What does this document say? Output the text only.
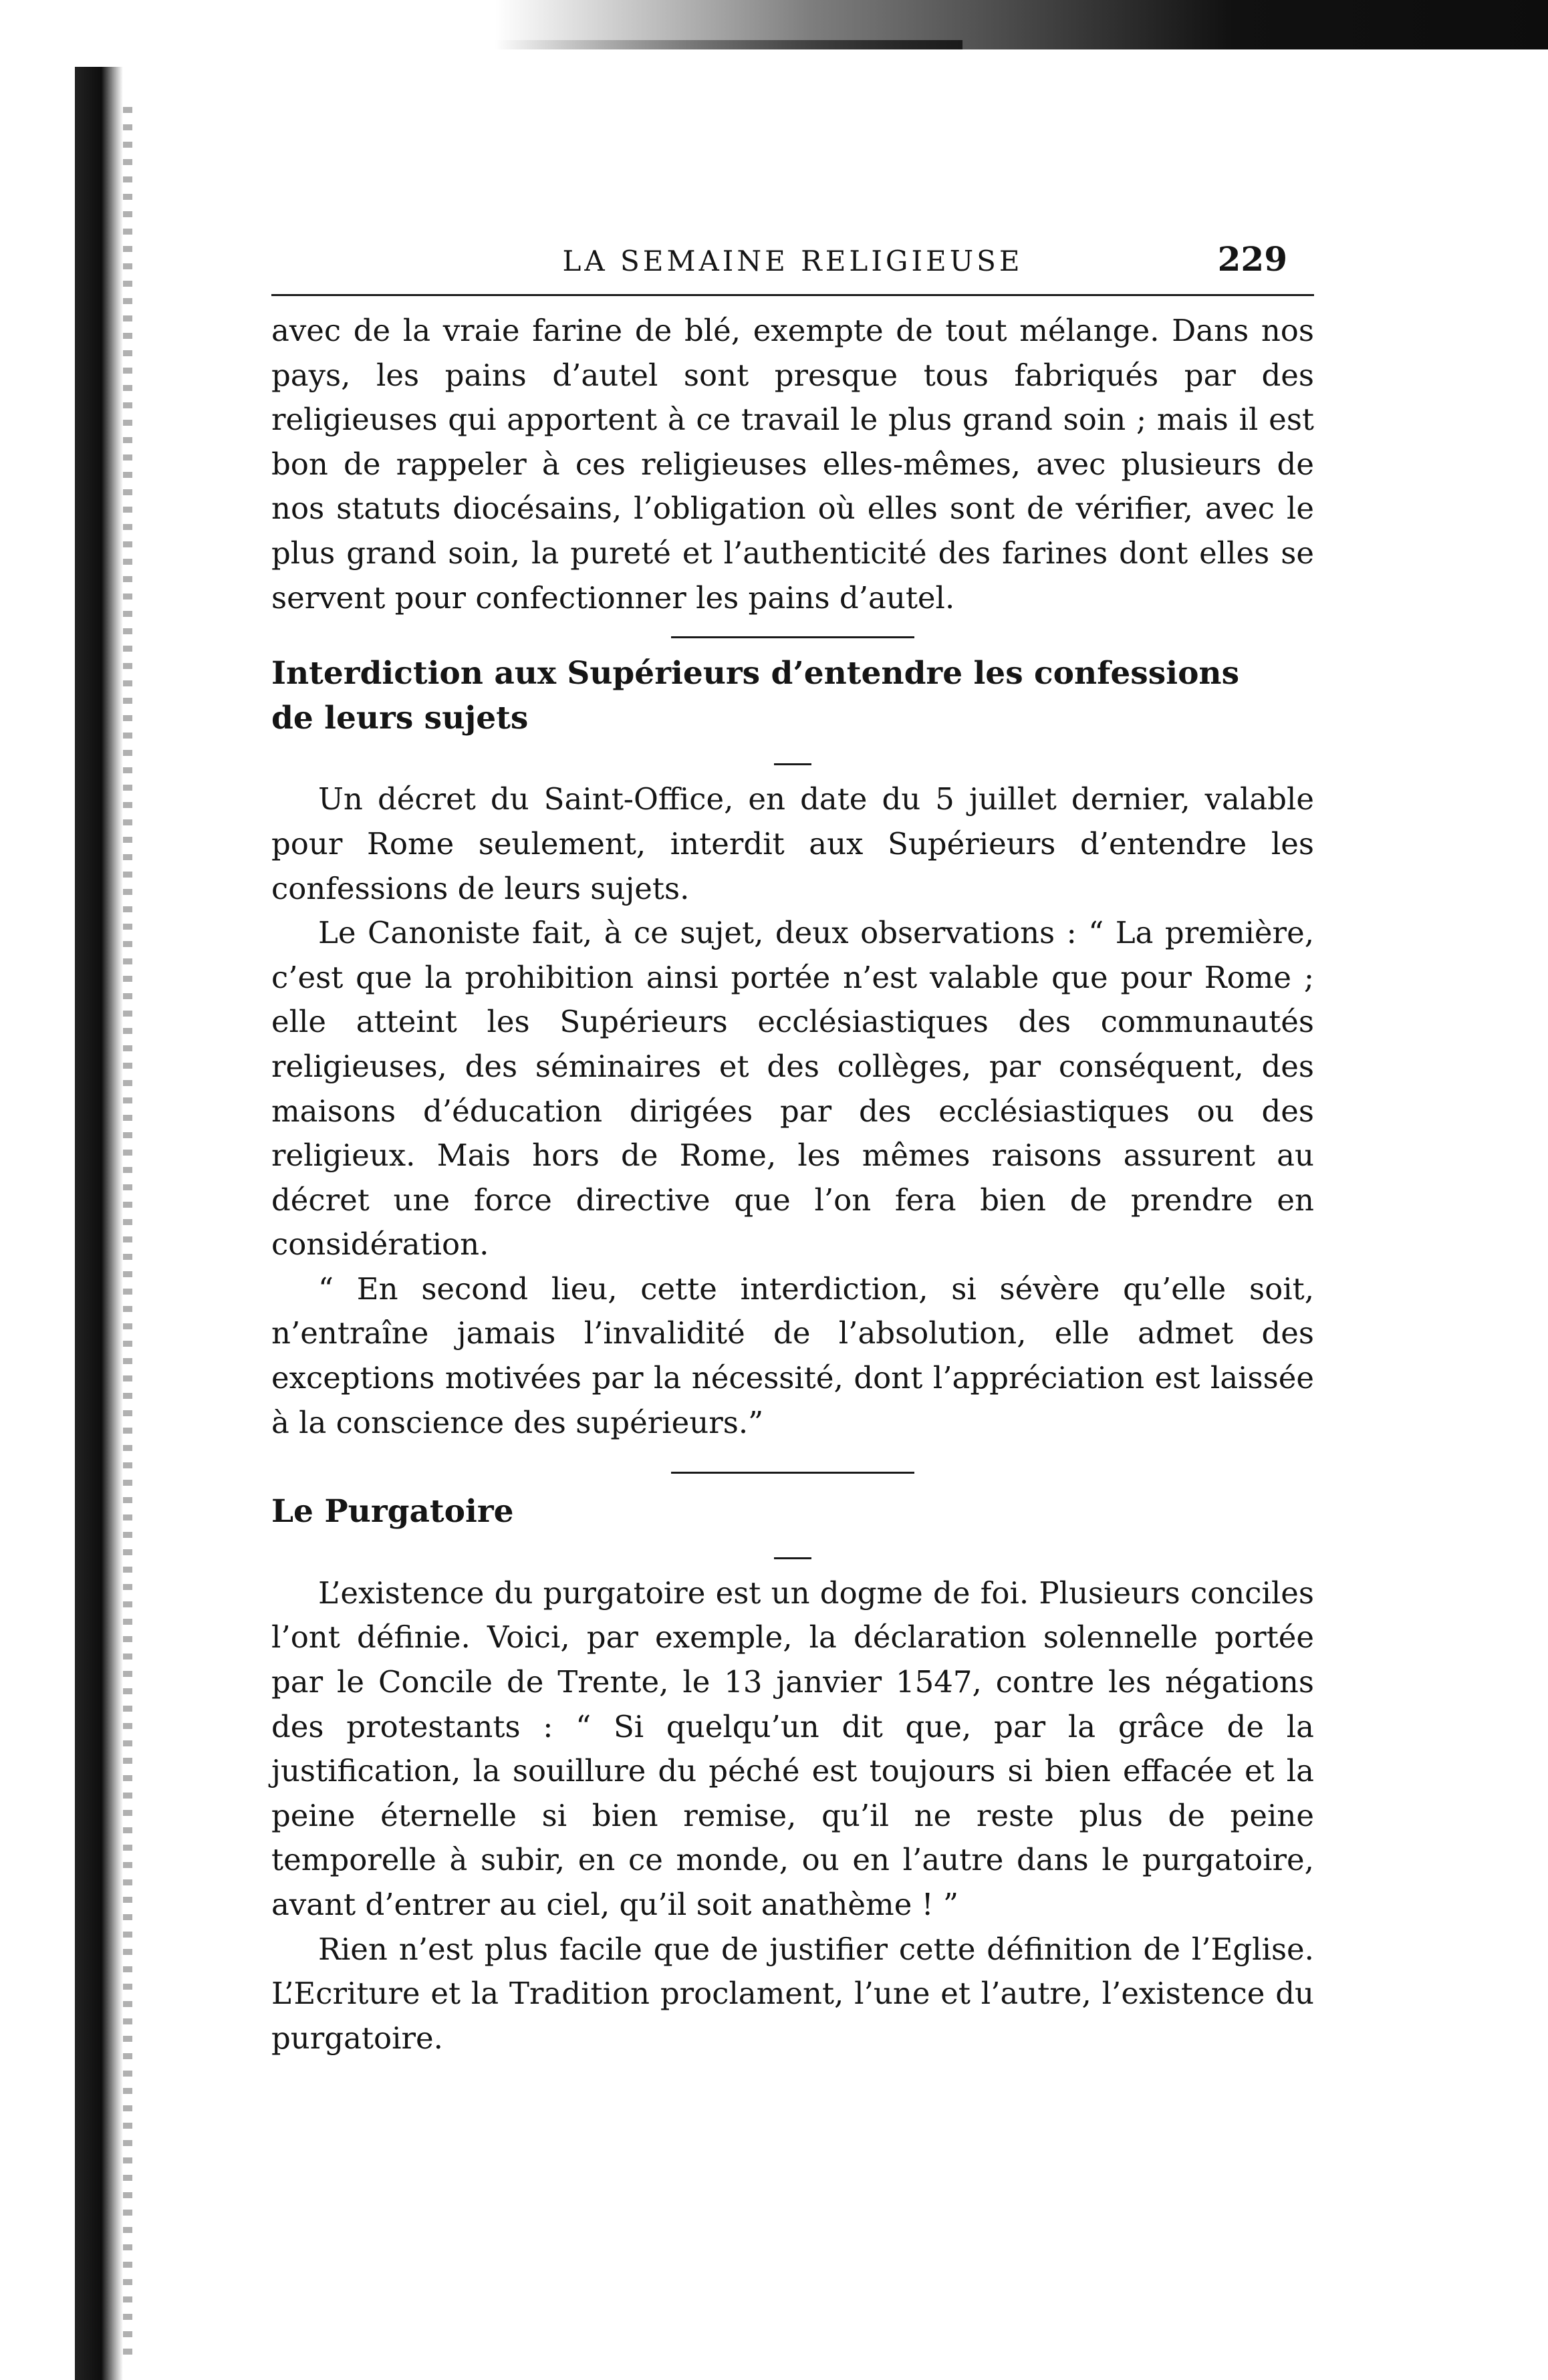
LA SEMAINE RELIGIEUSE	229

avec de la vraie farine de blé, exempte de tout mélange. Dans nos pays, les pains d’autel sont presque tous fabriqués par des religieuses qui apportent à ce travail le plus grand soin ; mais il est bon de rappeler à ces religieuses elles-mêmes, avec plusieurs de nos statuts diocésains, l’obligation où elles sont de vérifier, avec le plus grand soin, la pureté et l’authenticité des farines dont elles se servent pour confectionner les pains d’autel.

Interdiction aux Supérieurs d’entendre les confessions

de leurs sujets

Un décret du Saint-Office, en date du 5 juillet dernier, valable pour Rome seulement, interdit aux Supérieurs d’entendre les confessions de leurs sujets.

Le Canoniste fait, à ce sujet, deux observations : “ La première, c’est que la prohibition ainsi portée n’est valable que pour Rome ; elle atteint les Supérieurs ecclésiastiques des communautés religieuses, des séminaires et des collèges, par conséquent, des maisons d’éducation dirigées par des ecclésiastiques ou des religieux. Mais hors de Rome, les mêmes raisons assurent au décret une force directive que l’on fera bien de prendre en considération.

“ En second lieu, cette interdiction, si sévère qu’elle soit, n’entraîne jamais l’invalidité de l’absolution, elle admet des exceptions motivées par la nécessité, dont l’appréciation est laissée à la conscience des supérieurs.”

Le Purgatoire

L’existence du purgatoire est un dogme de foi. Plusieurs conciles l’ont définie. Voici, par exemple, la déclaration solennelle portée par le Concile de Trente, le 13 janvier 1547, contre les négations des protestants : “ Si quelqu’un dit que, par la grâce de la justification, la souillure du péché est toujours si bien effacée et la peine éternelle si bien remise, qu’il ne reste plus de peine temporelle à subir, en ce monde, ou en l’autre dans le purgatoire, avant d’entrer au ciel, qu’il soit anathème ! ”

Rien n’est plus facile que de justifier cette définition de l’Eglise. L’Ecriture et la Tradition proclament, l’une et l’autre, l’existence du purgatoire.
